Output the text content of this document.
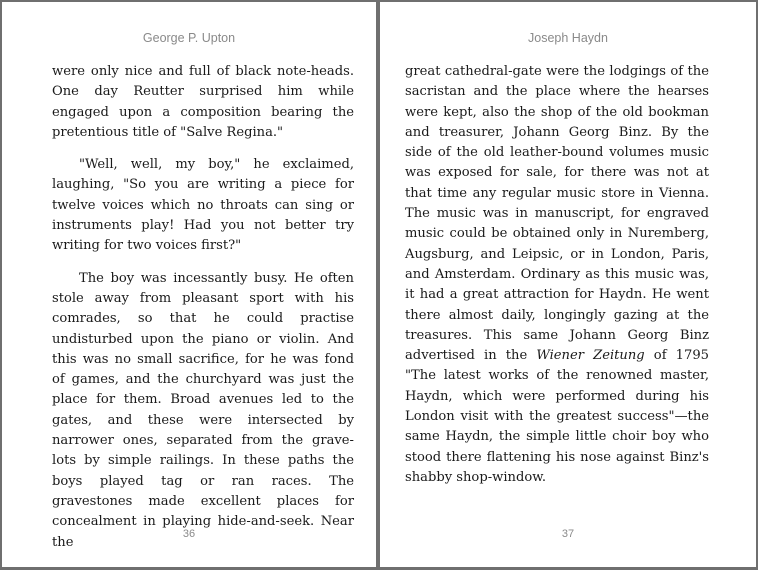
George P. Upton

were only nice and full of black note-heads. One day Reutter surprised him while engaged upon a composition bearing the pretentious title of "Salve Regina."

"Well, well, my boy," he exclaimed, laughing, "So you are writing a piece for twelve voices which no throats can sing or instruments play! Had you not better try writing for two voices first?"

The boy was incessantly busy. He often stole away from pleasant sport with his comrades, so that he could practise undisturbed upon the piano or violin. And this was no small sacrifice, for he was fond of games, and the churchyard was just the place for them. Broad avenues led to the gates, and these were intersected by narrower ones, separated from the grave-lots by simple railings. In these paths the boys played tag or ran races. The gravestones made excellent places for concealment in playing hide-and-seek. Near the

36
Joseph Haydn

great cathedral-gate were the lodgings of the sacristan and the place where the hearses were kept, also the shop of the old bookman and treasurer, Johann Georg Binz. By the side of the old leather-bound volumes music was exposed for sale, for there was not at that time any regular music store in Vienna. The music was in manuscript, for engraved music could be obtained only in Nuremberg, Augsburg, and Leipsic, or in London, Paris, and Amsterdam. Ordinary as this music was, it had a great attraction for Haydn. He went there almost daily, longingly gazing at the treasures. This same Johann Georg Binz advertised in the Wiener Zeitung of 1795 "The latest works of the renowned master, Haydn, which were performed during his London visit with the greatest success"—the same Haydn, the simple little choir boy who stood there flattening his nose against Binz's shabby shop-window.

37
